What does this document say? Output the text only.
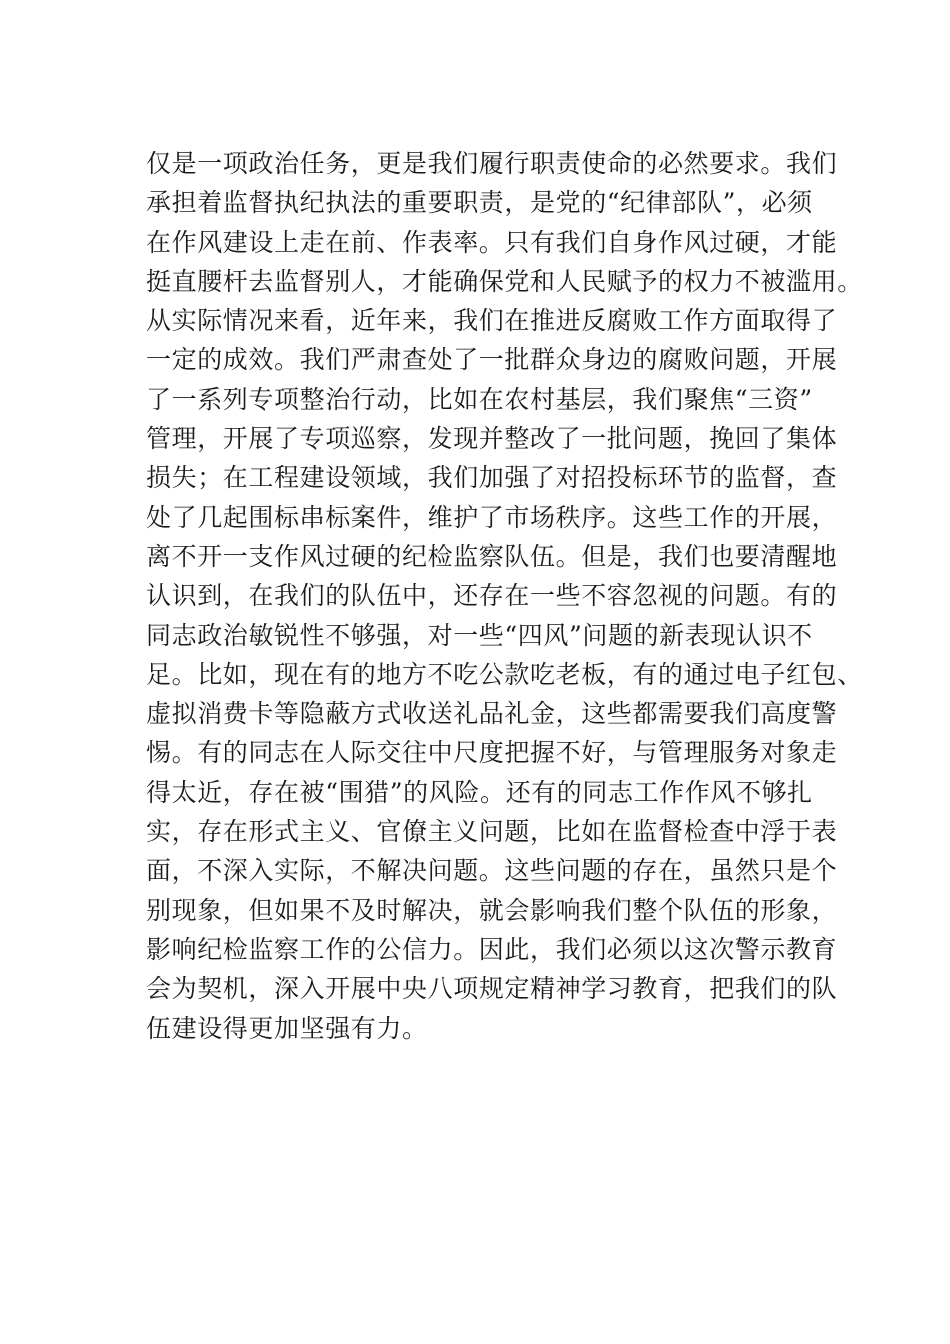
仅是一项政治任务，更是我们履行职责使命的必然要求。我们
承担着监督执纪执法的重要职责，是党的“纪律部队”，必须
在作风建设上走在前、作表率。只有我们自身作风过硬，才能
挺直腰杆去监督别人，才能确保党和人民赋予的权力不被滥用。
从实际情况来看，近年来，我们在推进反腐败工作方面取得了
一定的成效。我们严肃查处了一批群众身边的腐败问题，开展
了一系列专项整治行动，比如在农村基层，我们聚焦“三资”
管理，开展了专项巡察，发现并整改了一批问题，挽回了集体
损失；在工程建设领域，我们加强了对招投标环节的监督，查
处了几起围标串标案件，维护了市场秩序。这些工作的开展，
离不开一支作风过硬的纪检监察队伍。但是，我们也要清醒地
认识到，在我们的队伍中，还存在一些不容忽视的问题。有的
同志政治敏锐性不够强，对一些“四风”问题的新表现认识不
足。比如，现在有的地方不吃公款吃老板，有的通过电子红包、
虚拟消费卡等隐蔽方式收送礼品礼金，这些都需要我们高度警
惕。有的同志在人际交往中尺度把握不好，与管理服务对象走
得太近，存在被“围猎”的风险。还有的同志工作作风不够扎
实，存在形式主义、官僚主义问题，比如在监督检查中浮于表
面，不深入实际，不解决问题。这些问题的存在，虽然只是个
别现象，但如果不及时解决，就会影响我们整个队伍的形象，
影响纪检监察工作的公信力。因此，我们必须以这次警示教育
会为契机，深入开展中央八项规定精神学习教育，把我们的队
伍建设得更加坚强有力。
